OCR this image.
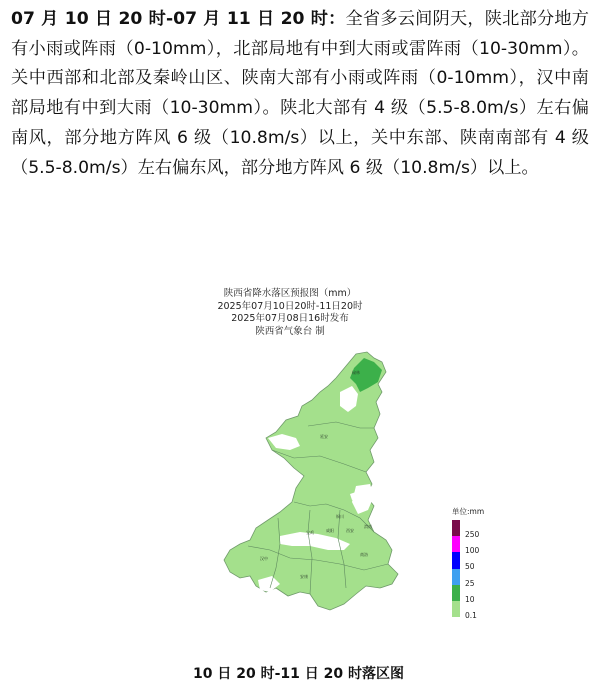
07 月 10 日 20 时-07 月 11 日 20 时：全省多云间阴天，陕北部分地方有小雨或阵雨（0-10mm），北部局地有中到大雨或雷阵雨（10-30mm）。关中西部和北部及秦岭山区、陕南大部有小雨或阵雨（0-10mm），汉中南部局地有中到大雨（10-30mm）。陕北大部有 4 级（5.5-8.0m/s）左右偏南风，部分地方阵风 6 级（10.8m/s）以上，关中东部、陕南南部有 4 级（5.5-8.0m/s）左右偏东风，部分地方阵风 6 级（10.8m/s）以上。
陕西省降水落区预报图（mm）
2025年07月10日20时-11日20时
2025年07月08日16时发布
陕西省气象台 制
榆林
延安
铜川
宝鸡	咸阳	西安
渭南
汉中
安康
商洛
单位:mm
250
100
50
25
10
0.1
10 日 20 时-11 日 20 时落区图
